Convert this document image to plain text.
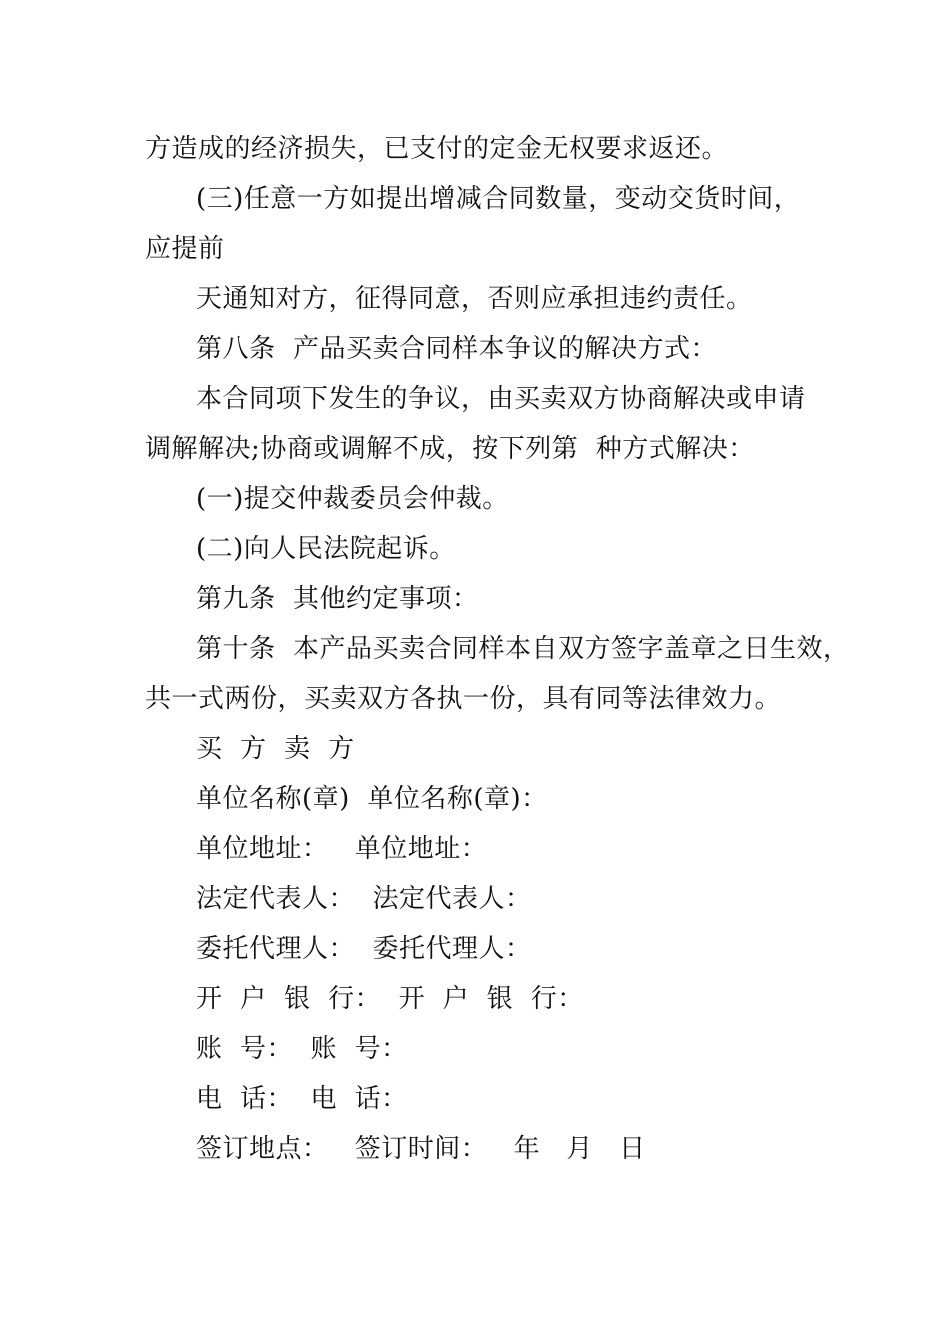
方造成的经济损失，已支付的定金无权要求返还。
(三)任意一方如提出增减合同数量，变动交货时间，
应提前
天通知对方，征得同意，否则应承担违约责任。
第八条  产品买卖合同样本争议的解决方式：
本合同项下发生的争议，由买卖双方协商解决或申请
调解解决;协商或调解不成，按下列第  种方式解决：
(一)提交仲裁委员会仲裁。
(二)向人民法院起诉。
第九条  其他约定事项：
第十条  本产品买卖合同样本自双方签字盖章之日生效，
共一式两份，买卖双方各执一份，具有同等法律效力。
买  方  卖  方
单位名称(章)  单位名称(章)：
单位地址：   单位地址：
法定代表人：  法定代表人：
委托代理人：  委托代理人：
开  户  银  行：  开  户  银  行：
账  号：  账  号：
电  话：  电  话：
签订地点：   签订时间：   年   月   日
